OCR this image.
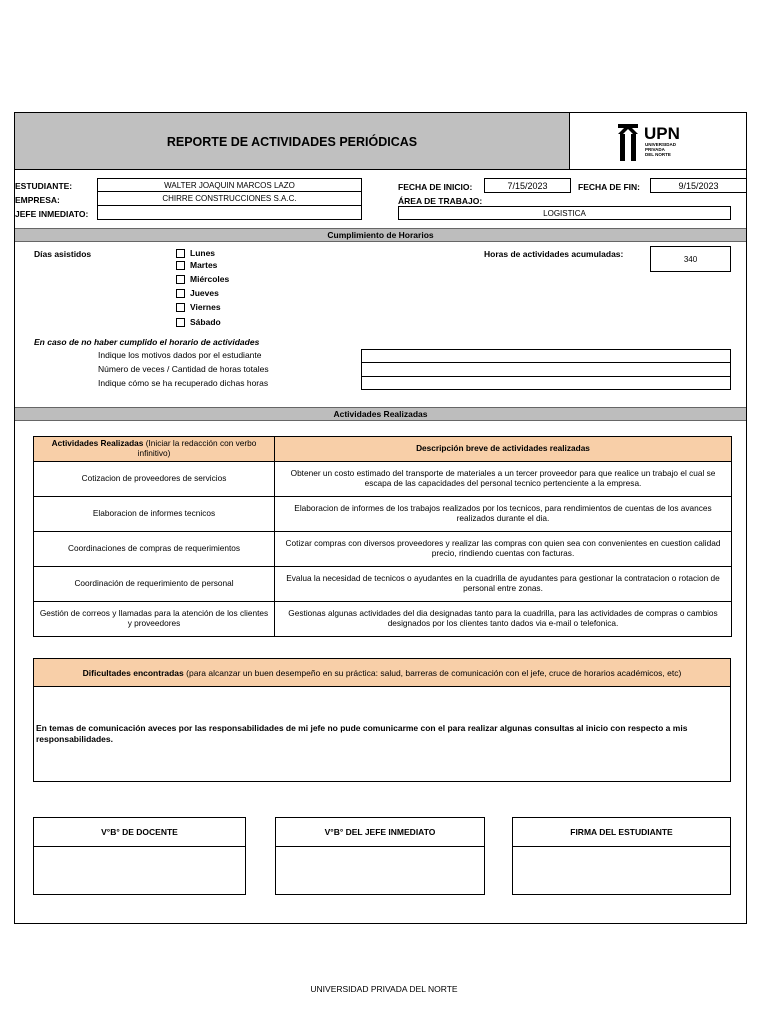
REPORTE DE ACTIVIDADES PERIÓDICAS	UPN
UNIVERSIDAD
PRIVADA
DEL NORTE
ESTUDIANTE:	WALTER JOAQUIN MARCOS LAZO
EMPRESA:	CHIRRE CONSTRUCCIONES S.A.C.
JEFE INMEDIATO:
FECHA DE INICIO:	7/15/2023	FECHA DE FIN:	9/15/2023
ÁREA DE TRABAJO:
LOGISTICA
Cumplimiento de Horarios
Días asistidos	Lunes
Martes
Miércoles
Jueves
Viernes
Sábado
Horas de actividades acumuladas:	340
En caso de no haber cumplido el horario de actividades
Indique los motivos dados por el estudiante
Número de veces / Cantidad de horas totales
Indique cómo se ha recuperado dichas horas
Actividades Realizadas
Actividades Realizadas (Iniciar la redacción con verbo infinitivo)	Descripción breve de actividades realizadas
Cotizacion de proveedores de servicios	Obtener un costo estimado del transporte de materiales a un tercer proveedor para que realice un trabajo el cual se escapa de las capacidades del personal tecnico pertenciente a la empresa.
Elaboracion de informes tecnicos	Elaboracion de informes de los trabajos realizados por los tecnicos, para rendimientos de cuentas de los avances realizados durante el dia.
Coordinaciones de compras de requerimientos	Cotizar compras con diversos proveedores y realizar las compras con quien sea con convenientes en cuestion calidad precio, rindiendo cuentas con facturas.
Coordinación de requerimiento de personal	Evalua la necesidad de tecnicos o ayudantes en la cuadrilla de ayudantes para gestionar la contratacion o rotacion de personal entre zonas.
Gestión de correos y llamadas para la atención de los clientes y proveedores	Gestionas algunas actividades del dia designadas tanto para la cuadrilla, para las actividades de compras o cambios designados por los clientes tanto dados via e-mail o telefonica.
Dificultades encontradas
(para alcanzar un buen desempeño en su práctica: salud, barreras de comunicación con el jefe, cruce de horarios académicos, etc)
En temas de comunicación aveces por las responsabilidades de mi jefe no pude comunicarme con el para realizar algunas consultas al inicio con respecto a mis responsabilidades.
V°B° DE DOCENTE	V°B° DEL JEFE INMEDIATO	FIRMA DEL ESTUDIANTE
UNIVERSIDAD PRIVADA DEL NORTE
